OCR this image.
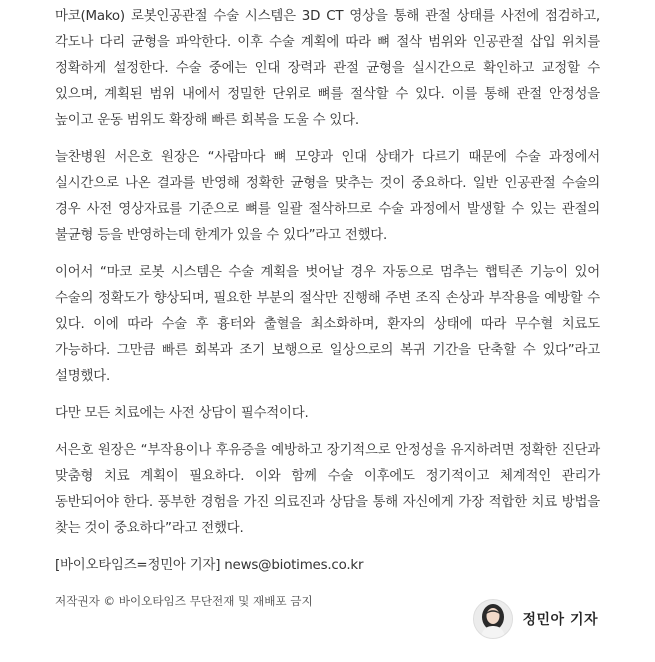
마코(Mako) 로봇인공관절 수술 시스템은 3D CT 영상을 통해 관절 상태를 사전에 점검하고, 각도나 다리 균형을 파악한다. 이후 수술 계획에 따라 뼈 절삭 범위와 인공관절 삽입 위치를 정확하게 설정한다. 수술 중에는 인대 장력과 관절 균형을 실시간으로 확인하고 교정할 수 있으며, 계획된 범위 내에서 정밀한 단위로 뼈를 절삭할 수 있다. 이를 통해 관절 안정성을 높이고 운동 범위도 확장해 빠른 회복을 도울 수 있다.

늘찬병원 서은호 원장은 “사람마다 뼈 모양과 인대 상태가 다르기 때문에 수술 과정에서 실시간으로 나온 결과를 반영해 정확한 균형을 맞추는 것이 중요하다. 일반 인공관절 수술의 경우 사전 영상자료를 기준으로 뼈를 일괄 절삭하므로 수술 과정에서 발생할 수 있는 관절의 불균형 등을 반영하는데 한계가 있을 수 있다”라고 전했다.

이어서 “마코 로봇 시스템은 수술 계획을 벗어날 경우 자동으로 멈추는 햅틱존 기능이 있어 수술의 정확도가 향상되며, 필요한 부분의 절삭만 진행해 주변 조직 손상과 부작용을 예방할 수 있다. 이에 따라 수술 후 흉터와 출혈을 최소화하며, 환자의 상태에 따라 무수혈 치료도 가능하다. 그만큼 빠른 회복과 조기 보행으로 일상으로의 복귀 기간을 단축할 수 있다”라고 설명했다.

다만 모든 치료에는 사전 상담이 필수적이다.

서은호 원장은 “부작용이나 후유증을 예방하고 장기적으로 안정성을 유지하려면 정확한 진단과 맞춤형 치료 계획이 필요하다. 이와 함께 수술 이후에도 정기적이고 체계적인 관리가 동반되어야 한다. 풍부한 경험을 가진 의료진과 상담을 통해 자신에게 가장 적합한 치료 방법을 찾는 것이 중요하다”라고 전했다.

[바이오타임즈=정민아 기자] news@biotimes.co.kr

저작권자 © 바이오타임즈 무단전재 및 재배포 금지

정민아 기자
